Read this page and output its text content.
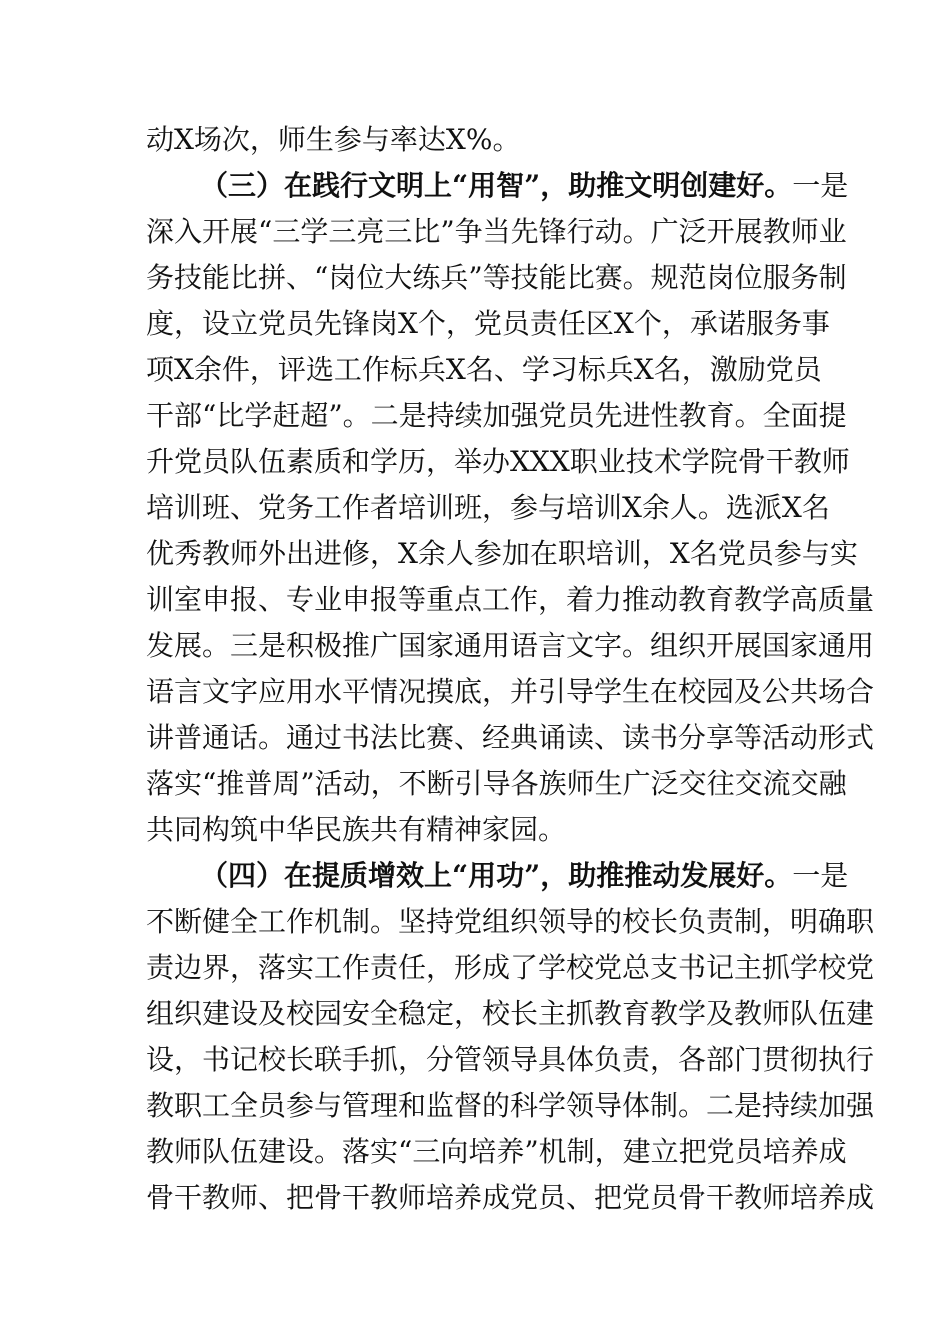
动X场次，师生参与率达X%。
（三）在践行文明上“用智”，助推文明创建好。一是
深入开展“三学三亮三比”争当先锋行动。广泛开展教师业
务技能比拼、“岗位大练兵”等技能比赛。规范岗位服务制
度，设立党员先锋岗X个，党员责任区X个，承诺服务事
项X余件，评选工作标兵X名、学习标兵X名，激励党员
干部“比学赶超”。二是持续加强党员先进性教育。全面提
升党员队伍素质和学历，举办XXX职业技术学院骨干教师
培训班、党务工作者培训班，参与培训X余人。选派X名
优秀教师外出进修，X余人参加在职培训，X名党员参与实
训室申报、专业申报等重点工作，着力推动教育教学高质量
发展。三是积极推广国家通用语言文字。组织开展国家通用
语言文字应用水平情况摸底，并引导学生在校园及公共场合
讲普通话。通过书法比赛、经典诵读、读书分享等活动形式
落实“推普周”活动，不断引导各族师生广泛交往交流交融
共同构筑中华民族共有精神家园。
（四）在提质增效上“用功”，助推推动发展好。一是
不断健全工作机制。坚持党组织领导的校长负责制，明确职
责边界，落实工作责任，形成了学校党总支书记主抓学校党
组织建设及校园安全稳定，校长主抓教育教学及教师队伍建
设，书记校长联手抓，分管领导具体负责，各部门贯彻执行
教职工全员参与管理和监督的科学领导体制。二是持续加强
教师队伍建设。落实“三向培养”机制，建立把党员培养成
骨干教师、把骨干教师培养成党员、把党员骨干教师培养成
